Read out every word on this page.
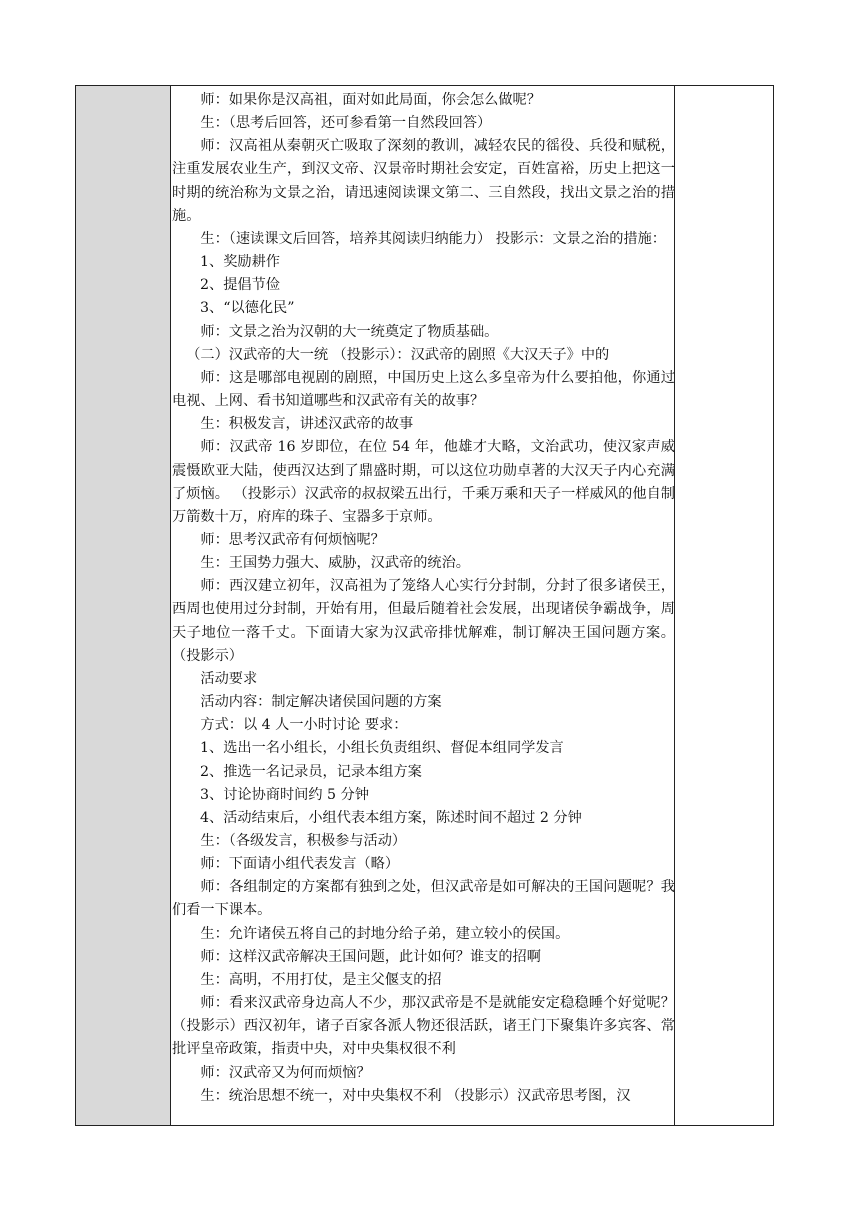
师：如果你是汉高祖，面对如此局面，你会怎么做呢？

生：（思考后回答，还可参看第一自然段回答）

师：汉高祖从秦朝灭亡吸取了深刻的教训，减轻农民的徭役、兵役和赋税，注重发展农业生产，到汉文帝、汉景帝时期社会安定，百姓富裕，历史上把这一时期的统治称为文景之治，请迅速阅读课文第二、三自然段，找出文景之治的措施。

生：（速读课文后回答，培养其阅读归纳能力） 投影示：文景之治的措施：

1、奖励耕作

2、提倡节俭

3、“以德化民”

师：文景之治为汉朝的大一统奠定了物质基础。

（二）汉武帝的大一统 （投影示）：汉武帝的剧照《大汉天子》中的

师：这是哪部电视剧的剧照，中国历史上这么多皇帝为什么要拍他，你通过电视、上网、看书知道哪些和汉武帝有关的故事？

生：积极发言，讲述汉武帝的故事

师：汉武帝 16 岁即位，在位 54 年，他雄才大略，文治武功，使汉家声威震慑欧亚大陆，使西汉达到了鼎盛时期，可以这位功勋卓著的大汉天子内心充满了烦恼。 （投影示）汉武帝的叔叔梁五出行，千乘万乘和天子一样威风的他自制万箭数十万，府库的珠子、宝器多于京师。

师：思考汉武帝有何烦恼呢？

生：王国势力强大、威胁，汉武帝的统治。

师：西汉建立初年，汉高祖为了笼络人心实行分封制，分封了很多诸侯王，西周也使用过分封制，开始有用，但最后随着社会发展，出现诸侯争霸战争，周天子地位一落千丈。下面请大家为汉武帝排忧解难，制订解决王国问题方案。 （投影示）

活动要求

活动内容：制定解决诸侯国问题的方案

方式：以 4 人一小时讨论 要求：

1、选出一名小组长，小组长负责组织、督促本组同学发言

2、推选一名记录员，记录本组方案

3、讨论协商时间约 5 分钟

4、活动结束后，小组代表本组方案，陈述时间不超过 2 分钟

生：（各级发言，积极参与活动）

师：下面请小组代表发言（略）

师：各组制定的方案都有独到之处，但汉武帝是如可解决的王国问题呢？我们看一下课本。

生：允许诸侯五将自己的封地分给子弟，建立较小的侯国。

师：这样汉武帝解决王国问题，此计如何？谁支的招啊

生：高明，不用打仗，是主父偃支的招

师：看来汉武帝身边高人不少，那汉武帝是不是就能安定稳稳睡个好觉呢？ （投影示）西汉初年，诸子百家各派人物还很活跃，诸王门下聚集许多宾客、常批评皇帝政策，指责中央，对中央集权很不利

师：汉武帝又为何而烦恼？

生：统治思想不统一，对中央集权不利 （投影示）汉武帝思考图，汉
